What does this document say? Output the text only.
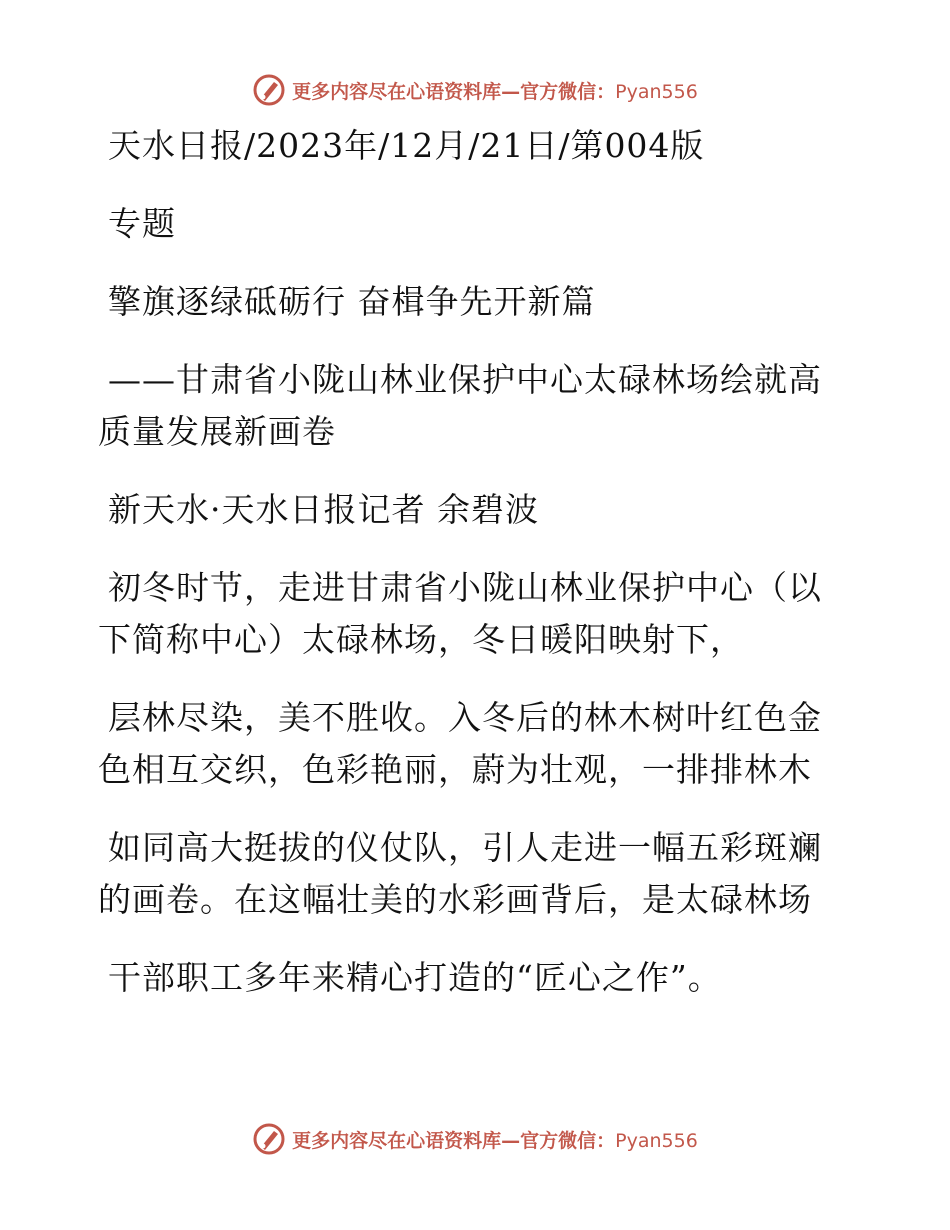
更多内容尽在心语资料库—官方微信：Pyan556
天水日报/2023年/12月/21日/第004版
专题
擎旗逐绿砥砺行 奋楫争先开新篇
——甘肃省小陇山林业保护中心太碌林场绘就高
质量发展新画卷
新天水·天水日报记者 余碧波
初冬时节，走进甘肃省小陇山林业保护中心（以
下简称中心）太碌林场，冬日暖阳映射下，
层林尽染，美不胜收。入冬后的林木树叶红色金
色相互交织，色彩艳丽，蔚为壮观，一排排林木
如同高大挺拔的仪仗队，引人走进一幅五彩斑斓
的画卷。在这幅壮美的水彩画背后，是太碌林场
干部职工多年来精心打造的“匠心之作”。
更多内容尽在心语资料库—官方微信：Pyan556
